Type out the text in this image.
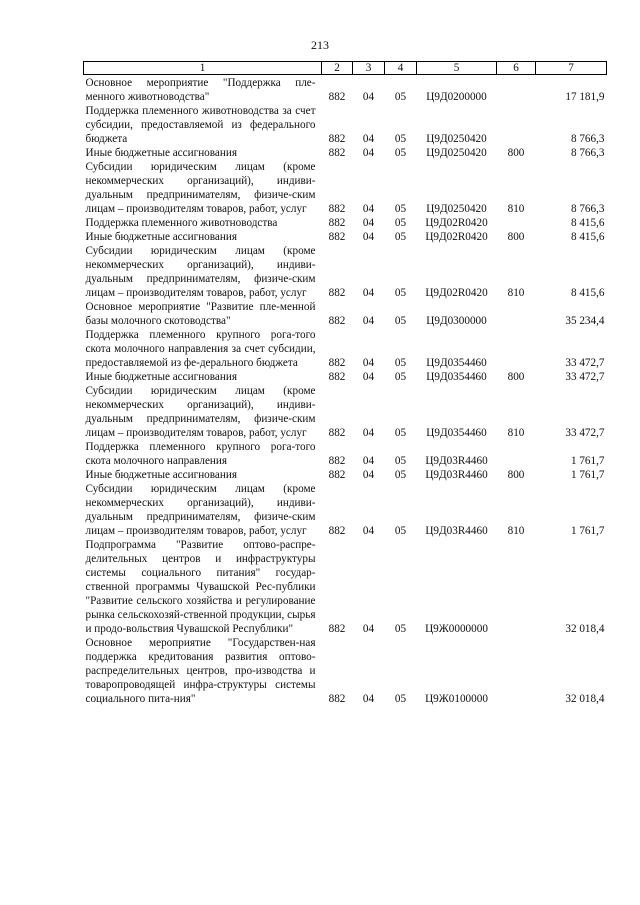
213
1	2	3	4	5	6	7
Основное мероприятие "Поддержка пле-менного животноводства"	882	04	05	Ц9Д0200000		17 181,9
Поддержка племенного животноводства за счет субсидии, предоставляемой из федерального бюджета	882	04	05	Ц9Д0250420		8 766,3
Иные бюджетные ассигнования	882	04	05	Ц9Д0250420	800	8 766,3
Субсидии юридическим лицам (кроме некоммерческих организаций), индиви-дуальным предпринимателям, физиче-ским лицам – производителям товаров, работ, услуг	882	04	05	Ц9Д0250420	810	8 766,3
Поддержка племенного животноводства	882	04	05	Ц9Д02R0420		8 415,6
Иные бюджетные ассигнования	882	04	05	Ц9Д02R0420	800	8 415,6
Субсидии юридическим лицам (кроме некоммерческих организаций), индиви-дуальным предпринимателям, физиче-ским лицам – производителям товаров, работ, услуг	882	04	05	Ц9Д02R0420	810	8 415,6
Основное мероприятие "Развитие пле-менной базы молочного скотоводства"	882	04	05	Ц9Д0300000		35 234,4
Поддержка племенного крупного рога-того скота молочного направления за счет субсидии, предоставляемой из фе-дерального бюджета	882	04	05	Ц9Д0354460		33 472,7
Иные бюджетные ассигнования	882	04	05	Ц9Д0354460	800	33 472,7
Субсидии юридическим лицам (кроме некоммерческих организаций), индиви-дуальным предпринимателям, физиче-ским лицам – производителям товаров, работ, услуг	882	04	05	Ц9Д0354460	810	33 472,7
Поддержка племенного крупного рога-того скота молочного направления	882	04	05	Ц9Д03R4460		1 761,7
Иные бюджетные ассигнования	882	04	05	Ц9Д03R4460	800	1 761,7
Субсидии юридическим лицам (кроме некоммерческих организаций), индиви-дуальным предпринимателям, физиче-ским лицам – производителям товаров, работ, услуг	882	04	05	Ц9Д03R4460	810	1 761,7
Подпрограмма "Развитие оптово-распре-делительных центров и инфраструктуры системы социального питания" государ-ственной программы Чувашской Рес-публики "Развитие сельского хозяйства и регулирование рынка сельскохозяй-ственной продукции, сырья и продо-вольствия Чувашской Республики"	882	04	05	Ц9Ж0000000		32 018,4
Основное мероприятие "Государствен-ная поддержка кредитования развития оптово-распределительных центров, про-изводства и товаропроводящей инфра-структуры системы социального пита-ния"	882	04	05	Ц9Ж0100000		32 018,4
